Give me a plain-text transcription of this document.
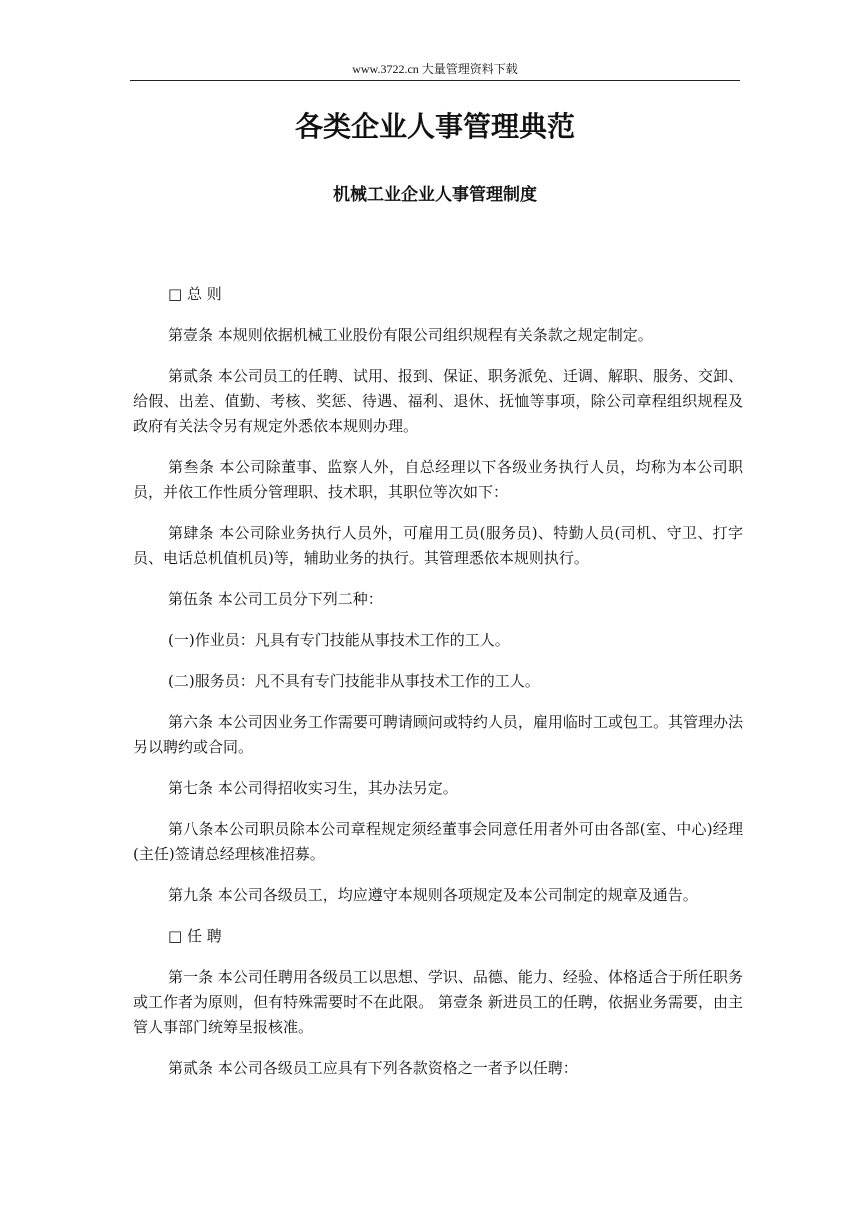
www.3722.cn 大量管理资料下载
各类企业人事管理典范
机械工业企业人事管理制度

□ 总 则

第壹条 本规则依据机械工业股份有限公司组织规程有关条款之规定制定。

第贰条 本公司员工的任聘、试用、报到、保证、职务派免、迁调、解职、服务、交卸、给假、出差、值勤、考核、奖惩、待遇、福利、退休、抚恤等事项，除公司章程组织规程及政府有关法令另有规定外悉依本规则办理。

第叁条 本公司除董事、监察人外，自总经理以下各级业务执行人员，均称为本公司职员，并依工作性质分管理职、技术职，其职位等次如下：

第肆条 本公司除业务执行人员外，可雇用工员(服务员)、特勤人员(司机、守卫、打字员、电话总机值机员)等，辅助业务的执行。其管理悉依本规则执行。

第伍条 本公司工员分下列二种：

(一)作业员：凡具有专门技能从事技术工作的工人。

(二)服务员：凡不具有专门技能非从事技术工作的工人。

第六条 本公司因业务工作需要可聘请顾问或特约人员，雇用临时工或包工。其管理办法另以聘约或合同。

第七条 本公司得招收实习生，其办法另定。

第八条本公司职员除本公司章程规定须经董事会同意任用者外可由各部(室、中心)经理(主任)签请总经理核准招募。

第九条 本公司各级员工，均应遵守本规则各项规定及本公司制定的规章及通告。

□ 任 聘

第一条 本公司任聘用各级员工以思想、学识、品德、能力、经验、体格适合于所任职务或工作者为原则，但有特殊需要时不在此限。 第壹条 新进员工的任聘，依据业务需要，由主管人事部门统筹呈报核准。

第贰条 本公司各级员工应具有下列各款资格之一者予以任聘：
